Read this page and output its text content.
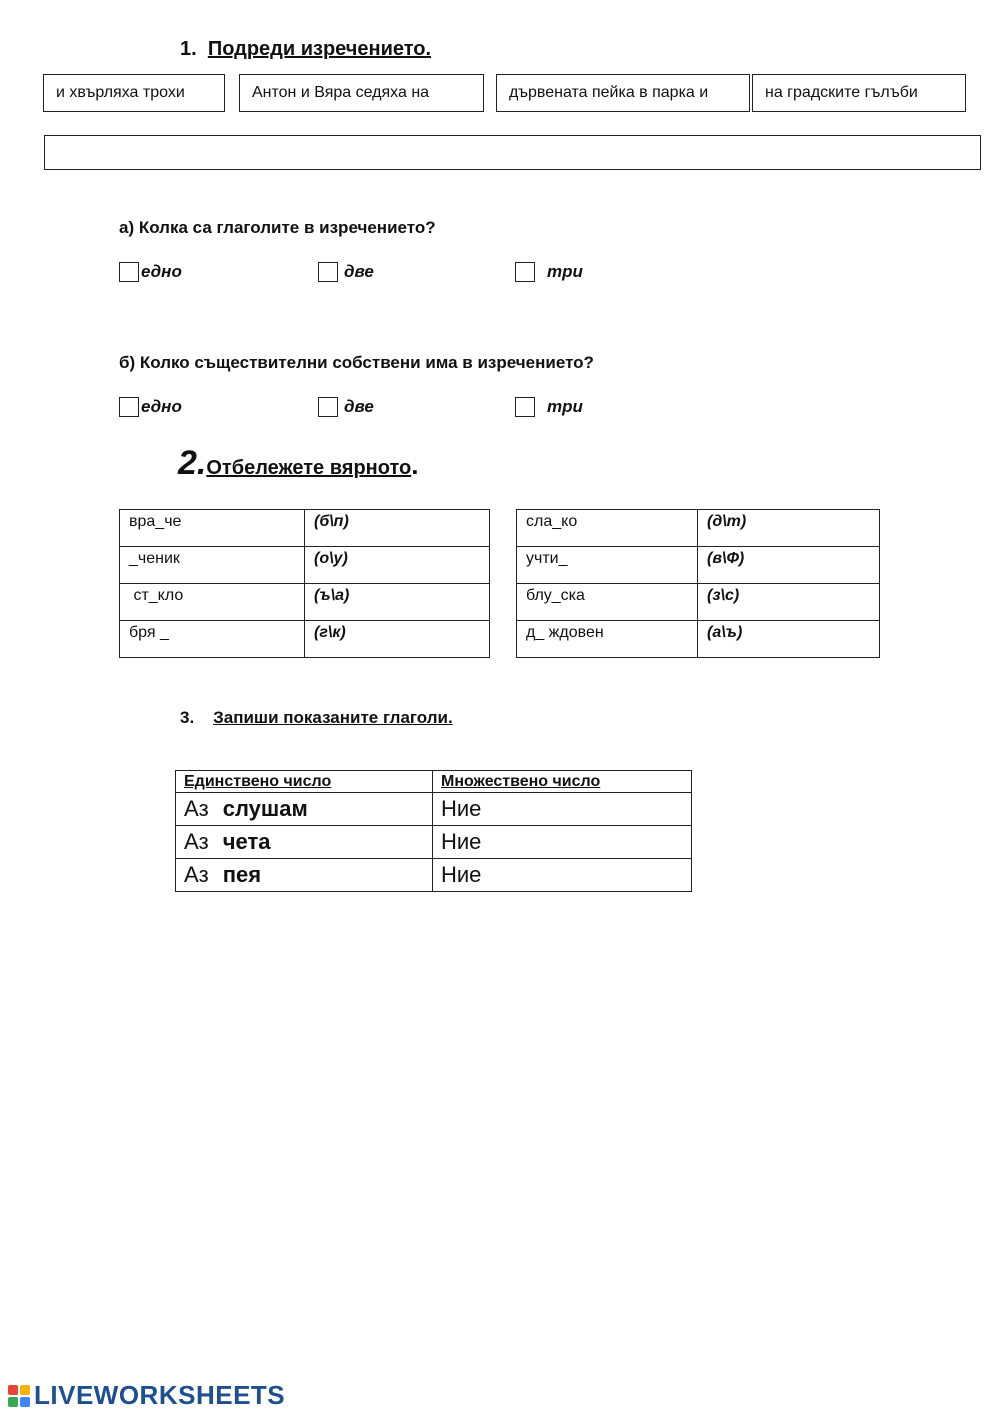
1. Подреди изречението.
и хвърляха трохи	Антон и Вяра седяха на	дървената пейка в парка и	на градските гълъби
а) Колка са глаголите в изречението?
едно	две	три
б) Колко съществителни собствени има в изречението?
едно	две	три
2.Отбележете вярното.
вра_че	(б\п)
_ченик	(о\у)
ст_кло	(ъ\а)
бря _	(г\к)
сла_ко	(д\т)
учти_	(в\Ф)
блу_ска	(з\с)
д_ ждовен	(а\ъ)
3. Запиши показаните глаголи.
Единствено число	Множествено число
Аз слушам	Ние
Аз чета	Ние
Аз пея	Ние
LIVEWORKSHEETS
